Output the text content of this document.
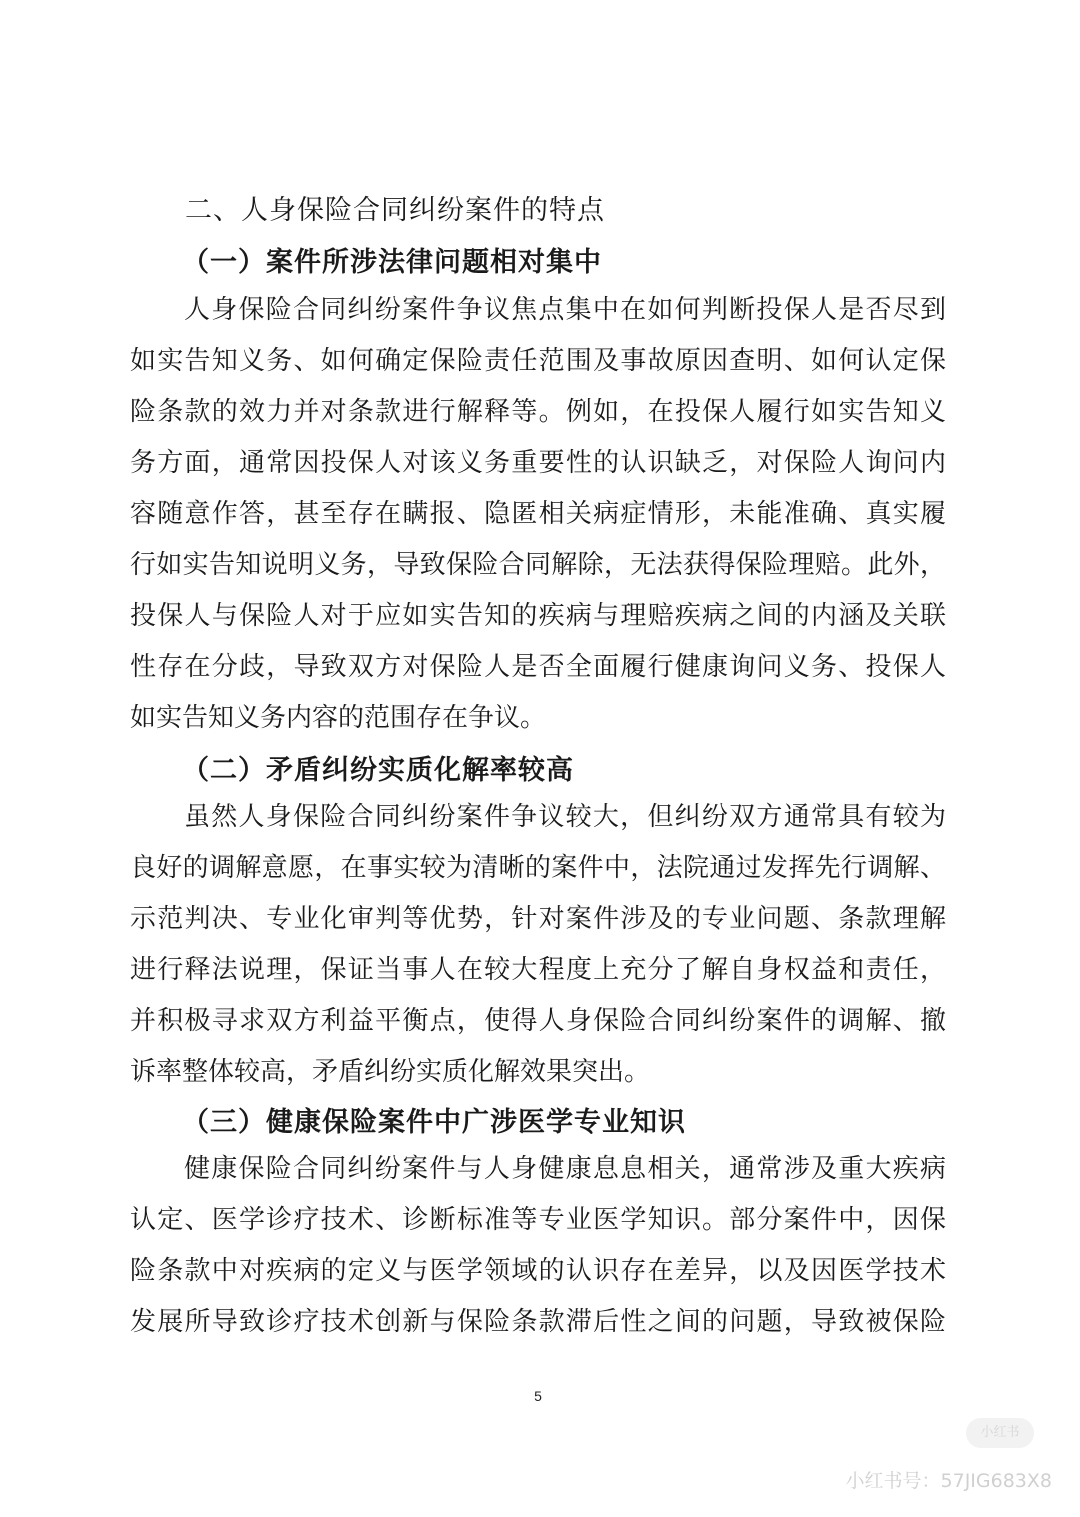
二、人身保险合同纠纷案件的特点
（一）案件所涉法律问题相对集中
人身保险合同纠纷案件争议焦点集中在如何判断投保人是否尽到
如实告知义务、如何确定保险责任范围及事故原因查明、如何认定保
险条款的效力并对条款进行解释等。例如，在投保人履行如实告知义
务方面，通常因投保人对该义务重要性的认识缺乏，对保险人询问内
容随意作答，甚至存在瞒报、隐匿相关病症情形，未能准确、真实履
行如实告知说明义务，导致保险合同解除，无法获得保险理赔。此外，
投保人与保险人对于应如实告知的疾病与理赔疾病之间的内涵及关联
性存在分歧，导致双方对保险人是否全面履行健康询问义务、投保人
如实告知义务内容的范围存在争议。
（二）矛盾纠纷实质化解率较高
虽然人身保险合同纠纷案件争议较大，但纠纷双方通常具有较为
良好的调解意愿，在事实较为清晰的案件中，法院通过发挥先行调解、
示范判决、专业化审判等优势，针对案件涉及的专业问题、条款理解
进行释法说理，保证当事人在较大程度上充分了解自身权益和责任，
并积极寻求双方利益平衡点，使得人身保险合同纠纷案件的调解、撤
诉率整体较高，矛盾纠纷实质化解效果突出。
（三）健康保险案件中广涉医学专业知识
健康保险合同纠纷案件与人身健康息息相关，通常涉及重大疾病
认定、医学诊疗技术、诊断标准等专业医学知识。部分案件中，因保
险条款中对疾病的定义与医学领域的认识存在差异，以及因医学技术
发展所导致诊疗技术创新与保险条款滞后性之间的问题，导致被保险
5
小红书
小红书号：57JIG683X8
